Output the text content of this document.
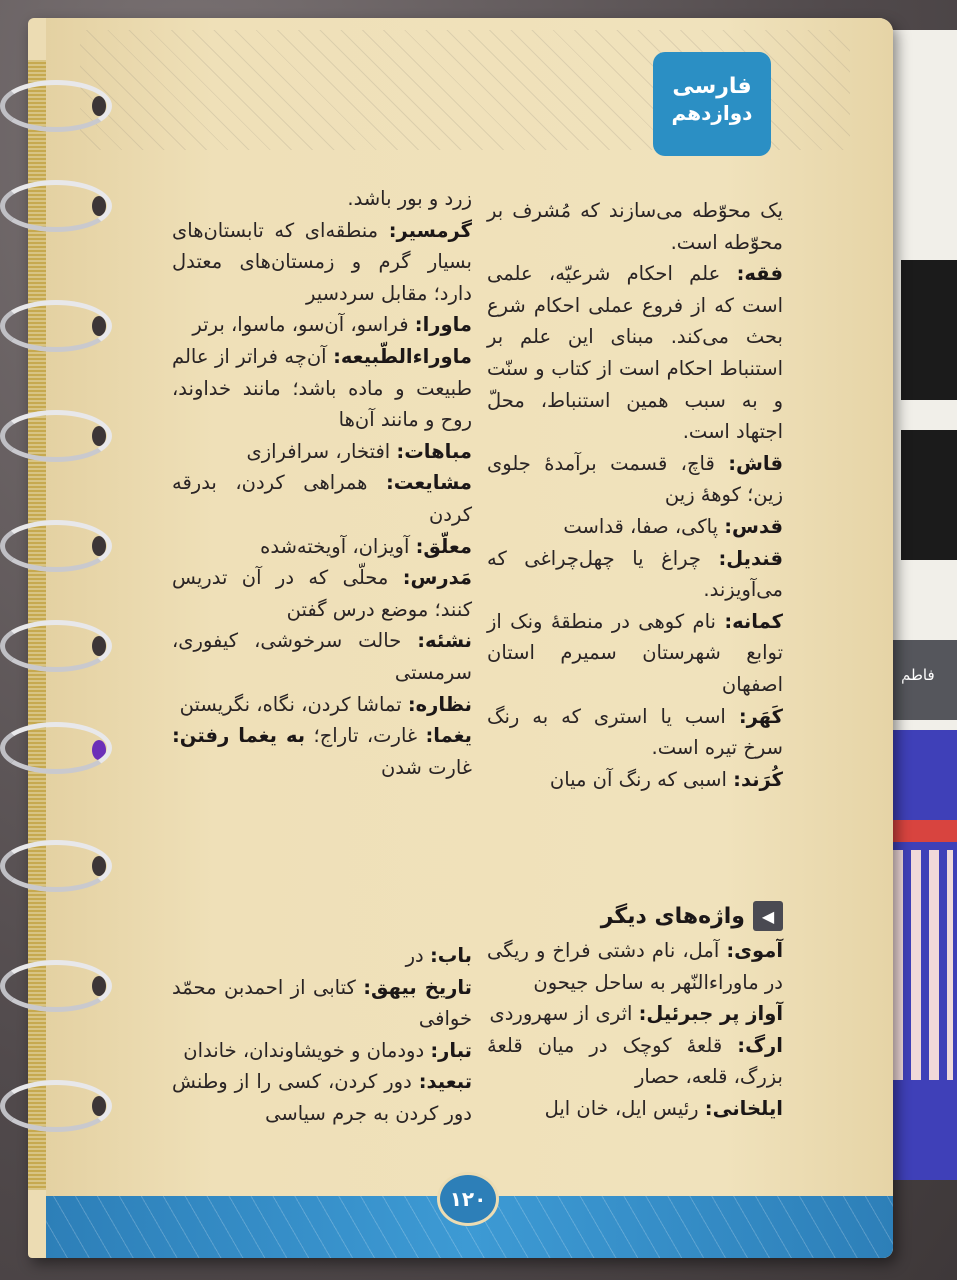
فاطم
فارسی
دوازدهم
یک محوّطه می‌سازند که مُشرف بر محوّطه است.
فقه: علم احکام شرعیّه، علمی است که از فروع عملی احکام شرع بحث می‌کند. مبنای این علم بر استنباط احکام است از کتاب و سنّت و به سبب همین استنباط، محلّ اجتهاد است.
قاش: قاچ، قسمت برآمدهٔ جلوی زین؛ کوههٔ زین
قدس: پاکی، صفا، قداست
قندیل: چراغ یا چهل‌چراغی که می‌آویزند.
کمانه: نام کوهی در منطقهٔ ونک از توابع شهرستان سمیرم استان اصفهان
کَهَر: اسب یا استری که به رنگ سرخ تیره است.
کُرَند: اسبی که رنگ آن میان
زرد و بور باشد.
گرمسیر: منطقه‌ای که تابستان‌های بسیار گرم و زمستان‌های معتدل دارد؛ مقابل سردسیر
ماورا: فراسو، آن‌سو، ماسوا، برتر
ماوراءالطّبیعه: آن‌چه فراتر از عالم طبیعت و ماده باشد؛ مانند خداوند، روح و مانند آن‌ها
مباهات: افتخار، سرافرازی
مشایعت: همراهی کردن، بدرقه کردن
معلّق: آویزان، آویخته‌شده
مَدرس: محلّی که در آن تدریس کنند؛ موضع درس گفتن
نشئه: حالت سرخوشی، کیفوری، سرمستی
نظاره: تماشا کردن، نگاه، نگریستن
یغما: غارت، تاراج؛ به یغما رفتن: غارت شدن
◀
واژه‌های دیگر
آموی: آمل، نام دشتی فراخ و ریگی در ماوراءالنّهر به ساحل جیحون
آواز پر جبرئیل: اثری از سهروردی
ارگ: قلعهٔ کوچک در میان قلعهٔ بزرگ، قلعه، حصار
ایلخانی: رئیس ایل، خان ایل
باب: در
تاریخ بیهق: کتابی از احمدبن محمّد خوافی
تبار: دودمان و خویشاوندان، خاندان
تبعید: دور کردن، کسی را از وطنش دور کردن به جرم سیاسی
۱۲۰
